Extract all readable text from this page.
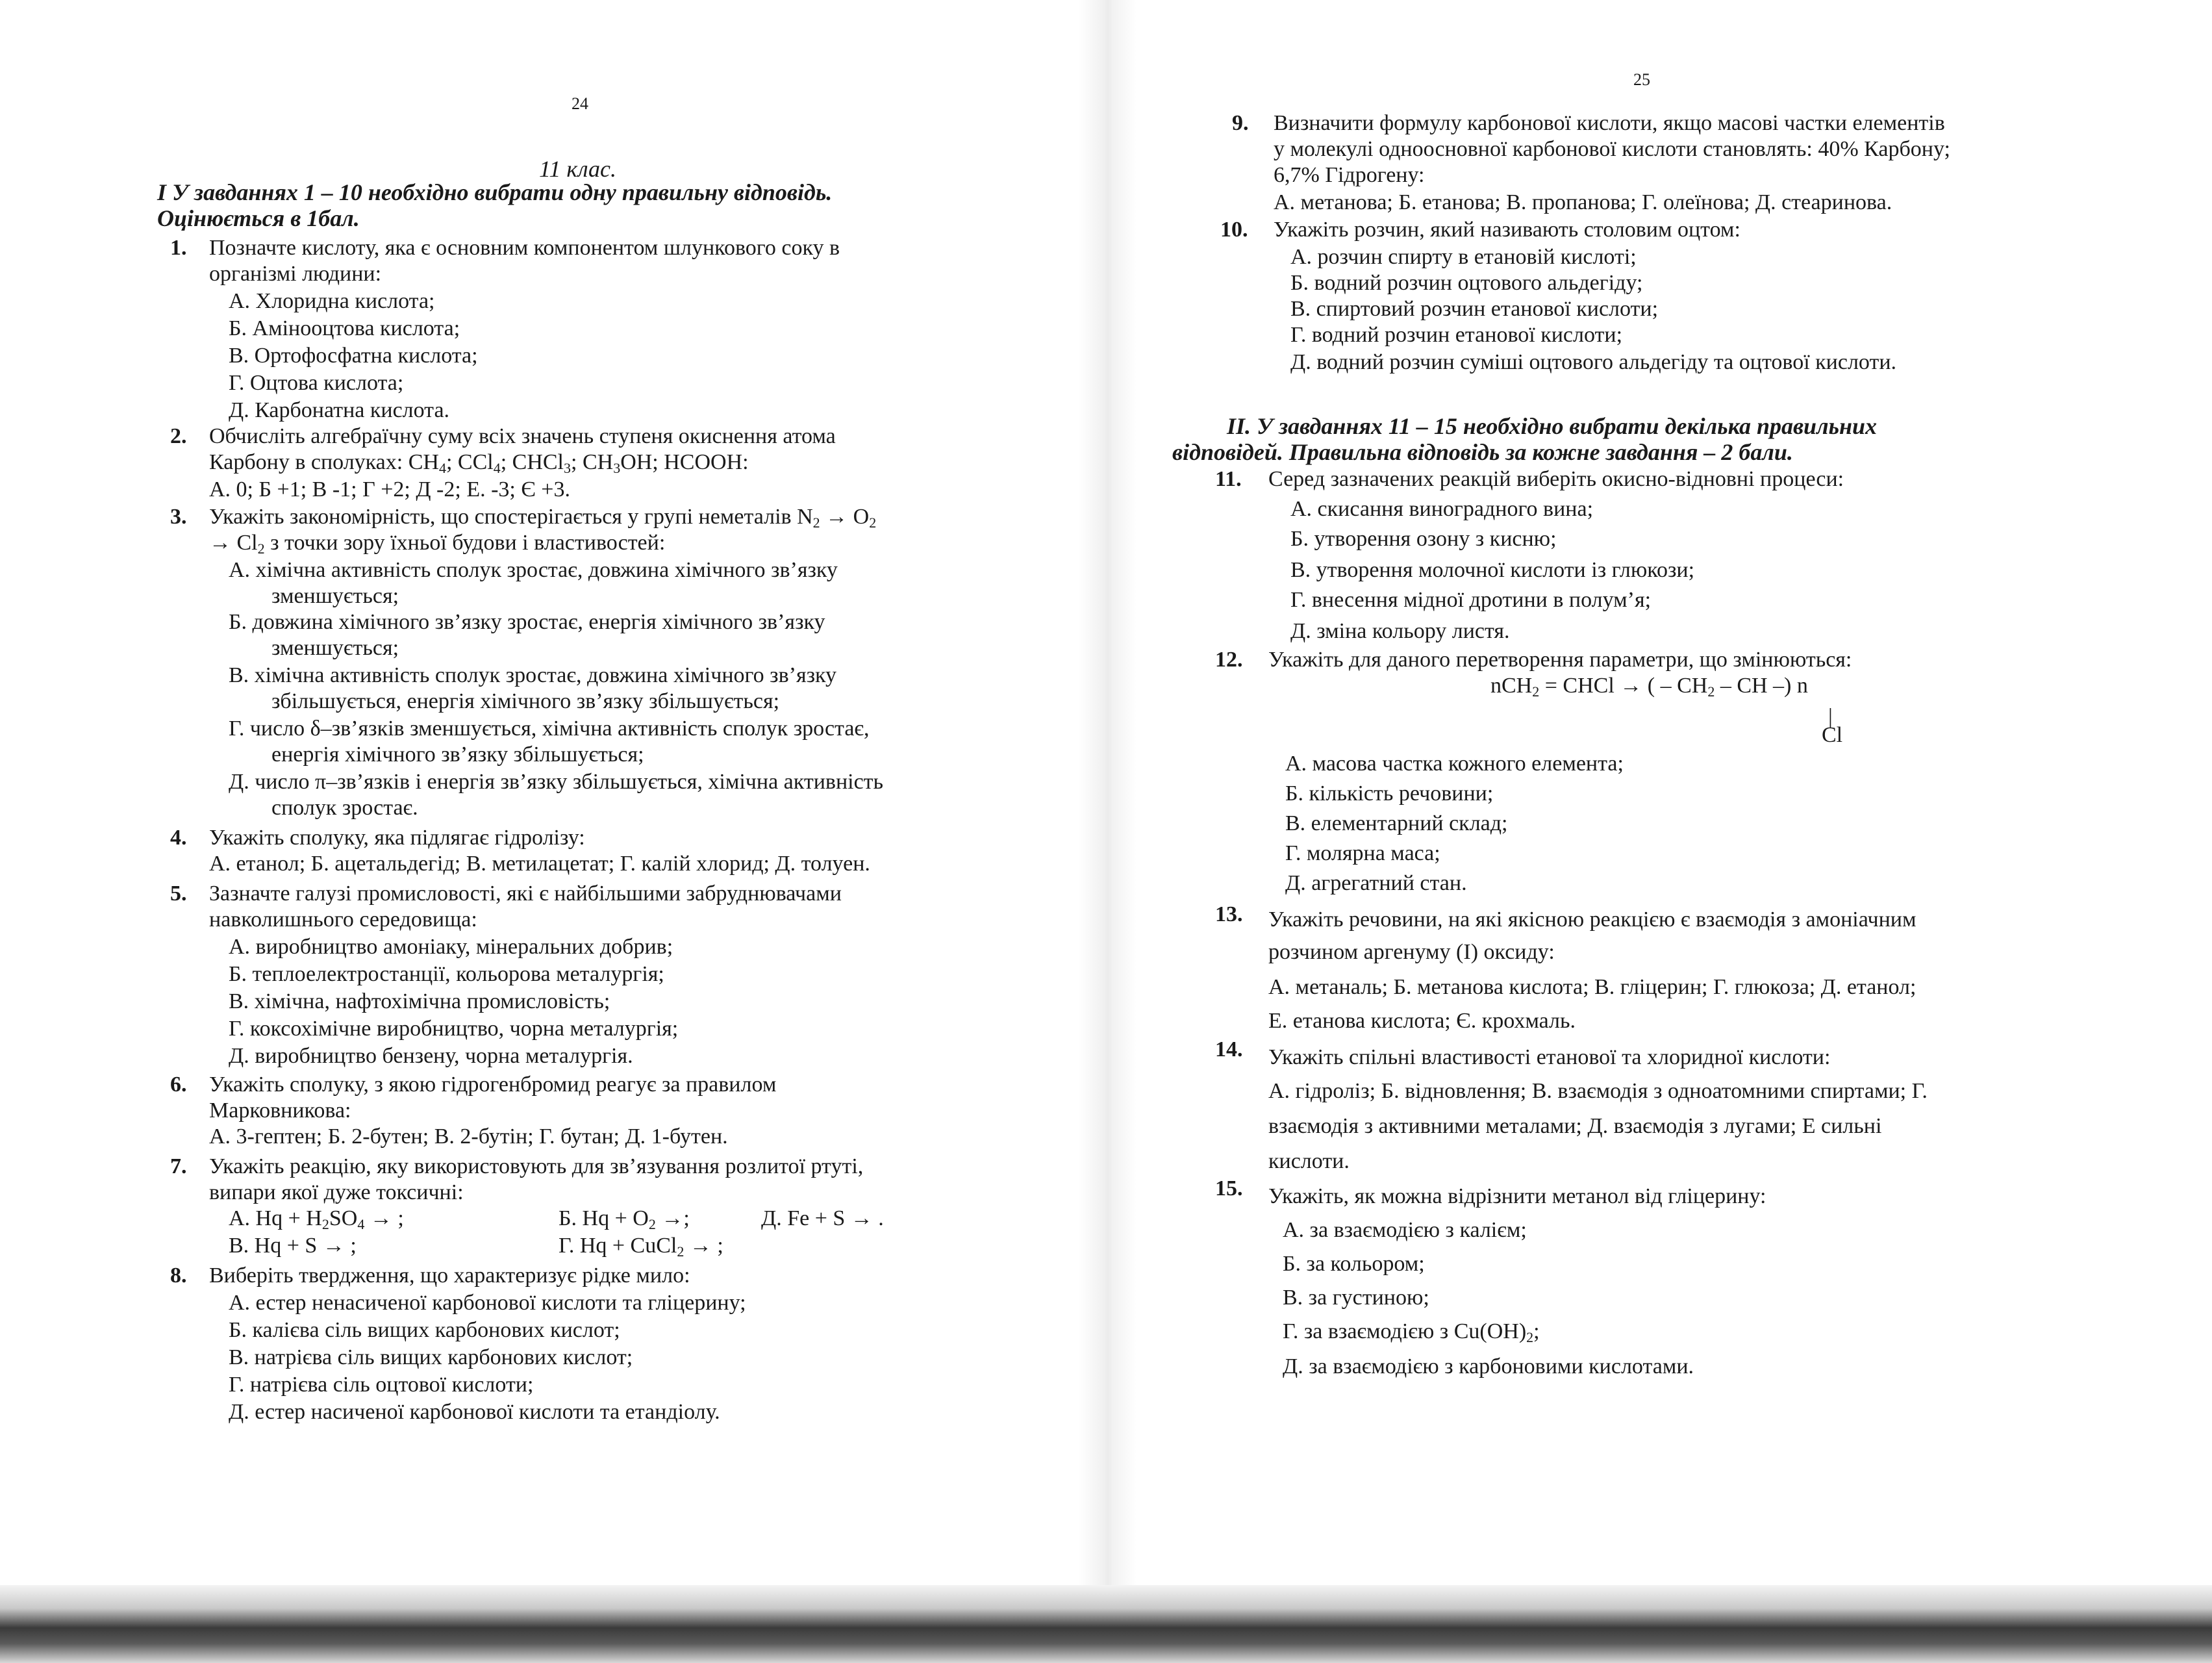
24
11 клас.
I У завданнях 1 – 10 необхідно вибрати одну правильну відповідь.
Оцінюється в 1бал.
1. Позначте кислоту, яка є основним компонентом шлункового соку в
організмі людини:
А. Хлоридна кислота;
Б. Аміноoцтова кислота;
В. Ортофосфатна кислота;
Г. Оцтова кислота;
Д. Карбонатна кислота.
2. Обчисліть алгебраїчну суму всіх значень ступеня окиснення атома
Карбону в сполуках: $CH_4$; CCl$_4$; CHCl$_3$; $CH_3OH$; HCOOH:
А. 0; Б +1; В -1; Г +2; Д -2; Е. -3; Є +3.
3. Укажіть закономірність, що спостерігається у групі неметалів $N_2 \to O_2$
→ $Cl_2$ з точки зору їхньої будови і властивостей:
А. хімічна активність сполук зростає, довжина хімічного зв’язку
зменшується;
Б. довжина хімічного зв’язку зростає, енергія хімічного зв’язку
зменшується;
В. хімічна активність сполук зростає, довжина хімічного зв’язку
збільшується, енергія хімічного зв’язку збільшується;
Г. число δ–зв’язків зменшується, хімічна активність сполук зростає,
енергія хімічного зв’язку збільшується;
Д. число π–зв’язків і енергія зв’язку збільшується, хімічна активність
сполук зростає.
4. Укажіть сполуку, яка підлягає гідролізу:
А. етанол; Б. ацетальдегід; В. метилацетат; Г. калій хлорид; Д. толуен.
5. Зазначте галузі промисловості, які є найбільшими забруднювачами
навколишнього середовища:
А. виробництво амоніаку, мінеральних добрив;
Б. теплоелектростанції, кольорова металургія;
В. хімічна, нафтохімічна промисловість;
Г. коксохімічне виробництво, чорна металургія;
Д. виробництво бензену, чорна металургія.
6. Укажіть сполуку, з якою гідрогенбромид реагує за правилом
Марковникова:
А. 3-гептен; Б. 2-бутен; В. 2-бутін; Г. бутан; Д. 1-бутен.
7. Укажіть реакцію, яку використовують для зв’язування розлитої ртуті,
випари якої дуже токсичні:
А. $Hq + H_2SO_4$ → ;	Б. $Hq + O_2$ →;	Д. Fe + S → .
В. Hq + S → ;	Г. Hq + CuCl$_2$ → ;
8. Виберіть твердження, що характеризує рідке мило:
А. естер ненасиченої карбонової кислоти та гліцерину;
Б. калієва сіль вищих карбонових кислот;
В. натрієва сіль вищих карбонових кислот;
Г. натрієва сіль оцтової кислоти;
Д. естер насиченої карбонової кислоти та етандіолу.
25
9. Визначити формулу карбонової кислоти, якщо масові частки елементів
у молекулі одноосновної карбонової кислоти становлять: 40% Карбону;
6,7% Гідрогену:
А. метанова; Б. етанова; В. пропанова; Г. олеїнова; Д. стеаринова.
10. Укажіть розчин, який називають столовим оцтом:
А. розчин спирту в етановій кислоті;
Б. водний розчин оцтового альдегіду;
В. спиртовий розчин етанової кислоти;
Г. водний розчин етанової кислоти;
Д. водний розчин суміші оцтового альдегіду та оцтової кислоти.
II. У завданнях 11 – 15 необхідно вибрати декілька правильних
відповідей. Правильна відповідь за кожне завдання – 2 бали.
11. Серед зазначених реакцій виберіть окисно-відновні процеси:
А. скисання виноградного вина;
Б. утворення озону з кисню;
В. утворення молочної кислоти із глюкози;
Г. внесення мідної дротини в полум’я;
Д. зміна кольору листя.
12. Укажіть для даного перетворення параметри, що змінюються:
nCH$_2$ = CHCl → ( – $CH_2$ – CH –) n
|
Cl
А. масова частка кожного елемента;
Б. кількість речовини;
В. елементарний склад;
Г. молярна маса;
Д. агрегатний стан.
13. Укажіть речовини, на які якісною реакцією є взаємодія з амоніачним
розчином аргенуму (I) оксиду:
А. метаналь; Б. метанова кислота; В. гліцерин; Г. глюкоза; Д. етанол;
Е. етанова кислота; Є. крохмаль.
14. Укажіть спільні властивості етанової та хлоридної кислоти:
А. гідроліз; Б. відновлення; В. взаємодія з одноатомними спиртами; Г.
взаємодія з активними металами; Д. взаємодія з лугами; Е сильні
кислоти.
15. Укажіть, як можна відрізнити метанол від гліцерину:
А. за взаємодією з калієм;
Б. за кольором;
В. за густиною;
Г. за взаємодією з $Cu(OH)_2$;
Д. за взаємодією з карбоновими кислотами.
